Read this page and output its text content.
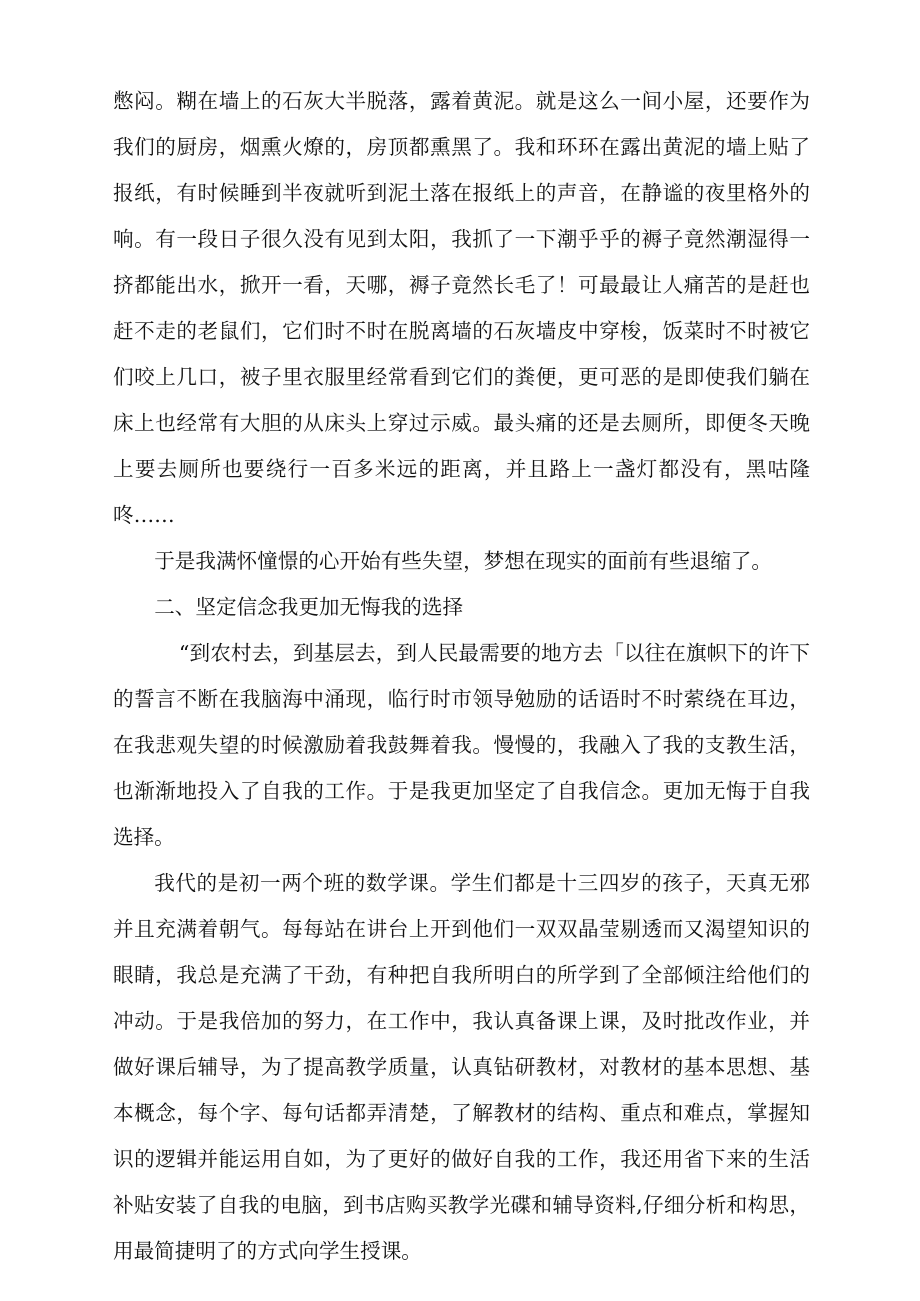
憋闷。糊在墙上的石灰大半脱落，露着黄泥。就是这么一间小屋，还要作为我们的厨房，烟熏火燎的，房顶都熏黑了。我和环环在露出黄泥的墙上贴了报纸，有时候睡到半夜就听到泥土落在报纸上的声音，在静谧的夜里格外的响。有一段日子很久没有见到太阳，我抓了一下潮乎乎的褥子竟然潮湿得一挤都能出水，掀开一看，天哪，褥子竟然长毛了！可最最让人痛苦的是赶也赶不走的老鼠们，它们时不时在脱离墙的石灰墙皮中穿梭，饭菜时不时被它们咬上几口，被子里衣服里经常看到它们的粪便，更可恶的是即使我们躺在床上也经常有大胆的从床头上穿过示威。最头痛的还是去厕所，即便冬天晚上要去厕所也要绕行一百多米远的距离，并且路上一盏灯都没有，黑咕隆咚……

于是我满怀憧憬的心开始有些失望，梦想在现实的面前有些退缩了。

二、坚定信念我更加无悔我的选择

“到农村去，到基层去，到人民最需要的地方去「以往在旗帜下的许下的誓言不断在我脑海中涌现，临行时市领导勉励的话语时不时萦绕在耳边，在我悲观失望的时候激励着我鼓舞着我。慢慢的，我融入了我的支教生活，也渐渐地投入了自我的工作。于是我更加坚定了自我信念。更加无悔于自我选择。

我代的是初一两个班的数学课。学生们都是十三四岁的孩子，天真无邪并且充满着朝气。每每站在讲台上开到他们一双双晶莹剔透而又渴望知识的眼睛，我总是充满了干劲，有种把自我所明白的所学到了全部倾注给他们的冲动。于是我倍加的努力，在工作中，我认真备课上课，及时批改作业，并做好课后辅导，为了提高教学质量，认真钻研教材，对教材的基本思想、基本概念，每个字、每句话都弄清楚，了解教材的结构、重点和难点，掌握知识的逻辑并能运用自如，为了更好的做好自我的工作，我还用省下来的生活补贴安装了自我的电脑，到书店购买教学光碟和辅导资料,仔细分析和构思，用最简捷明了的方式向学生授课。
